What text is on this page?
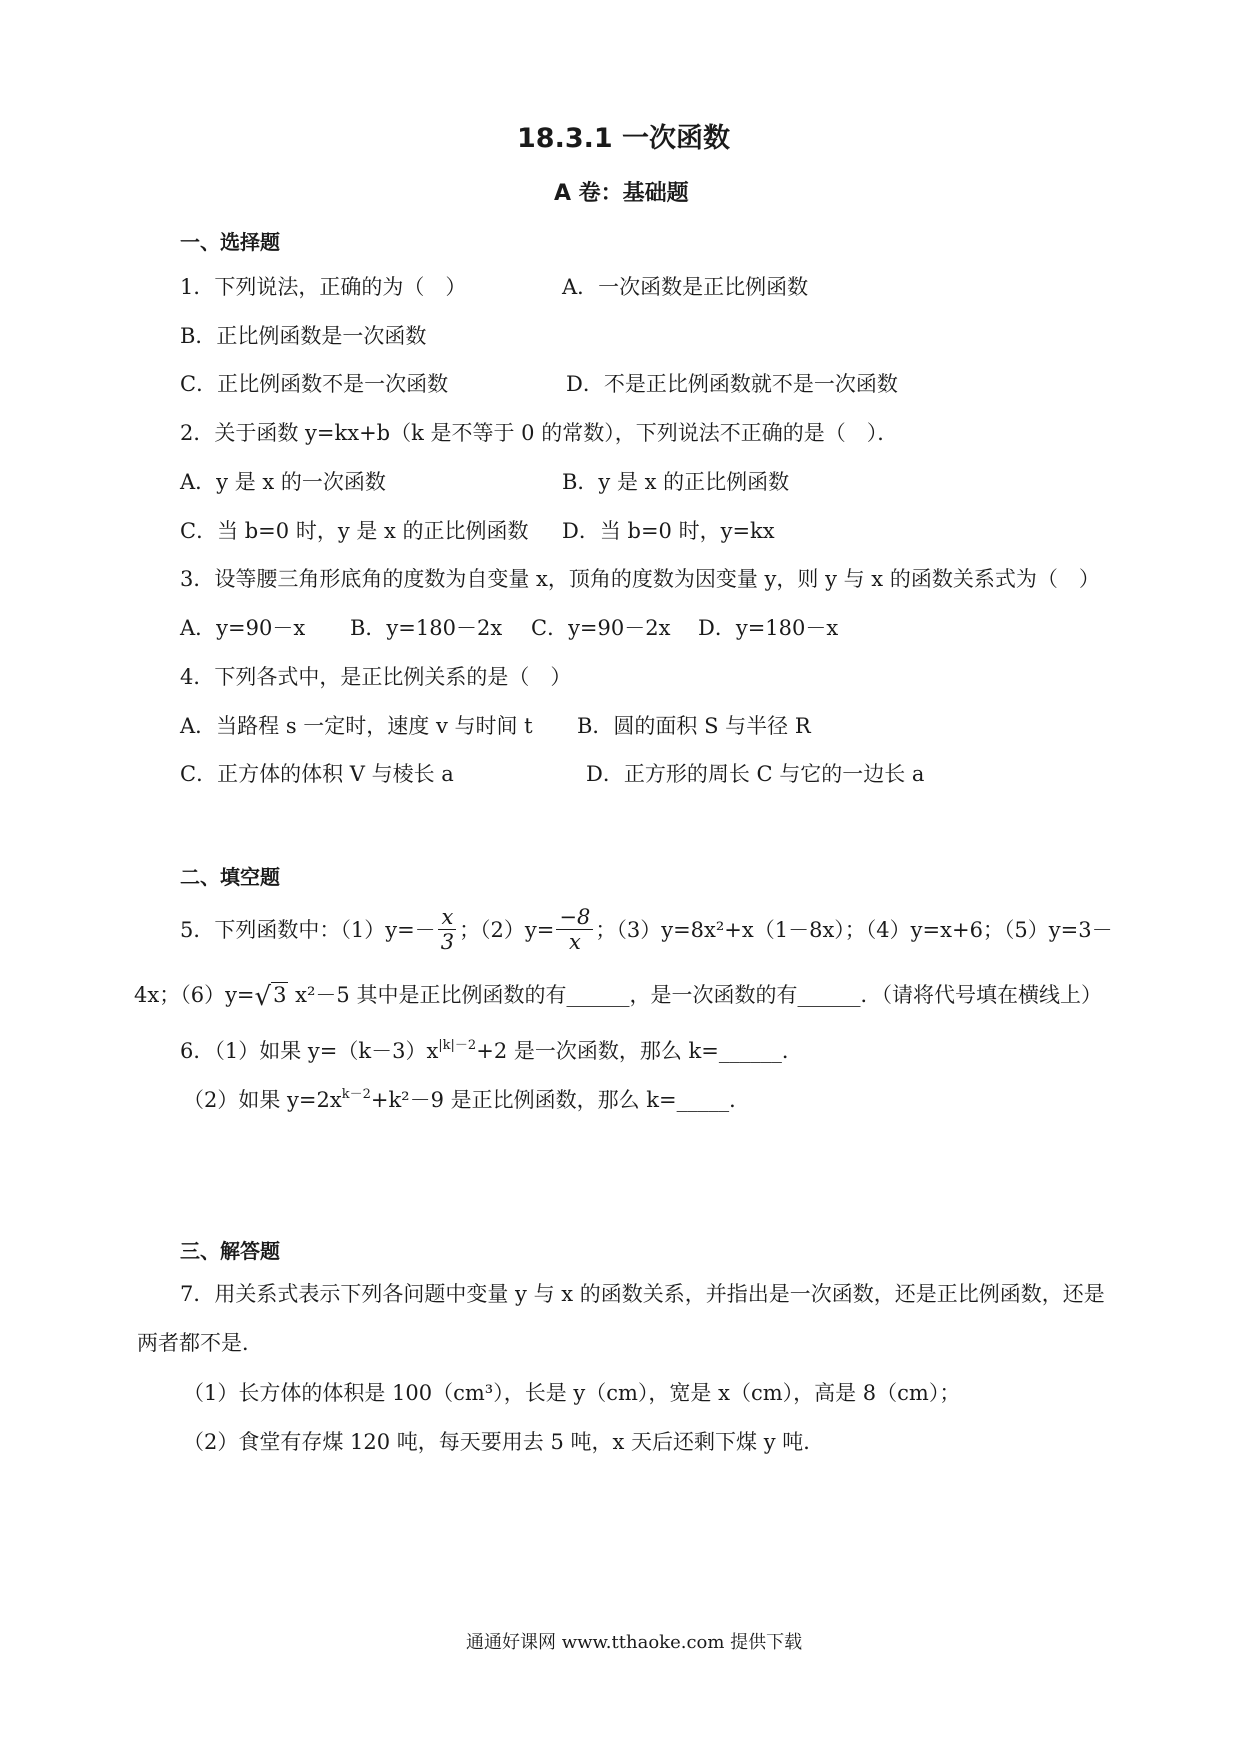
18.3.1 一次函数
A 卷：基础题
一、选择题
1．下列说法，正确的为（　）	A．一次函数是正比例函数
B．正比例函数是一次函数
C．正比例函数不是一次函数	D．不是正比例函数就不是一次函数
2．关于函数 y=kx+b（k 是不等于 0 的常数），下列说法不正确的是（　）．
A．y 是 x 的一次函数	B．y 是 x 的正比例函数
C．当 b=0 时，y 是 x 的正比例函数 D．当 b=0 时，y=kx
3．设等腰三角形底角的度数为自变量 x，顶角的度数为因变量 y，则 y 与 x 的函数关系式为（　）
A．y=90－x B．y=180－2x C．y=90－2x D．y=180－x
4．下列各式中，是正比例关系的是（　）
A．当路程 s 一定时，速度 v 与时间 t B．圆的面积 S 与半径 R
C．正方体的体积 V 与棱长 a	D．正方形的周长 C 与它的一边长 a
二、填空题
5．下列函数中：$(1)y=- \frac{x}{3}$ ；$(2)y= \frac{-8}{x}$ ；（3）y=8x²+x（1－8x）；（4）y=x+6；（5）y=3－
4x；（6）y=√3 x²－5 其中是正比例函数的有______，是一次函数的有______．（请将代号填在横线上）
6．（1）如果 $y=(k-3)x^{|k|-2}+2$ 是一次函数，那么 k=______．
（2）如果 $y=2x^{k-2}+k^2-9$ 是正比例函数，那么 k=_____．
三、解答题
7．用关系式表示下列各问题中变量 y 与 x 的函数关系，并指出是一次函数，还是正比例函数，还是
两者都不是．
（1）长方体的体积是 100（cm³），长是 y（cm），宽是 x（cm），高是 8（cm）；
（2）食堂有存煤 120 吨，每天要用去 5 吨，x 天后还剩下煤 y 吨．
通通好课网 www.tthaoke.com 提供下载
